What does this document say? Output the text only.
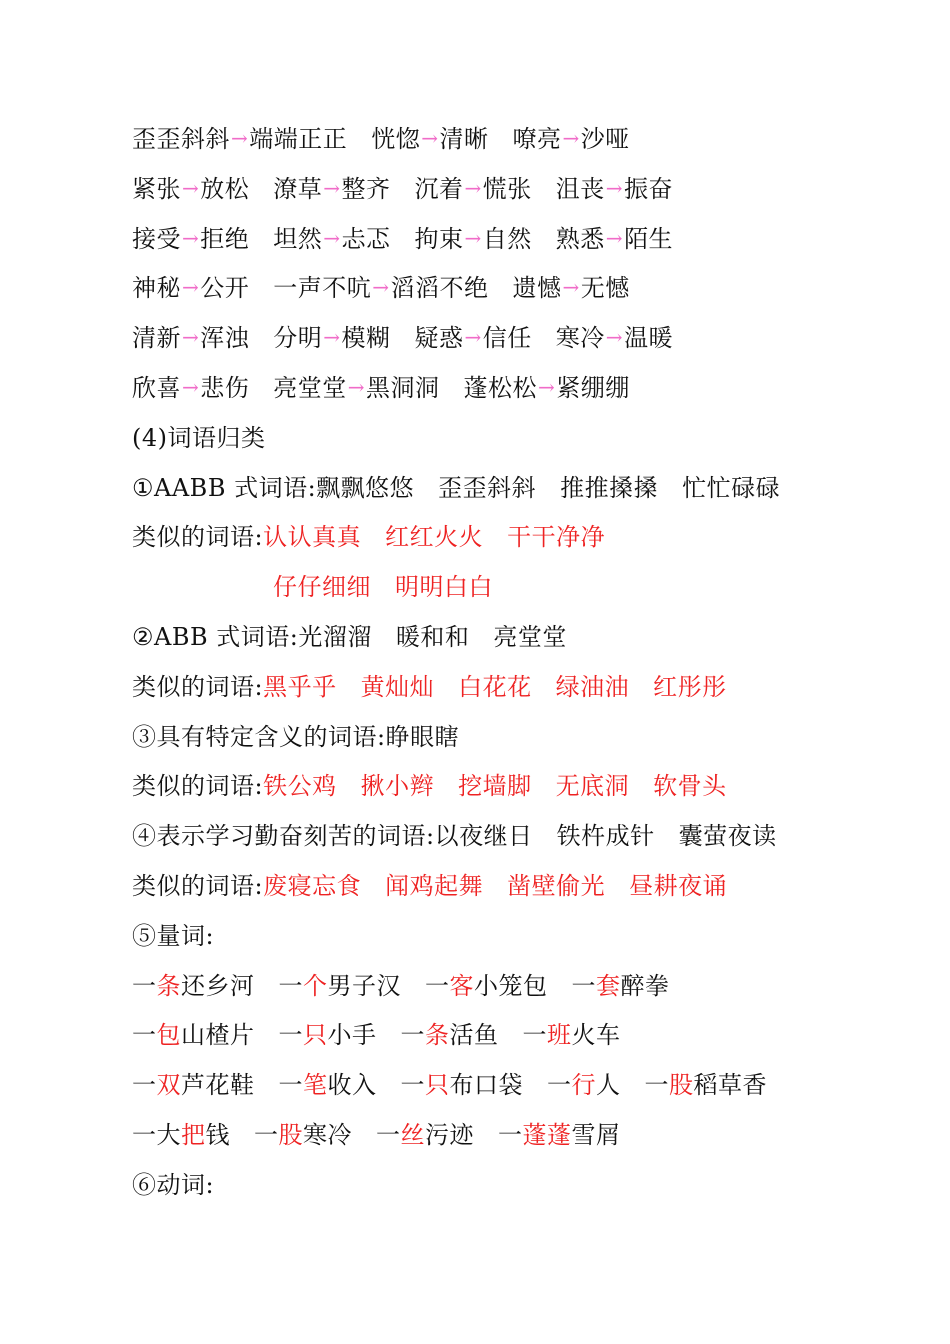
歪歪斜斜→端端正正 恍惚→清晰 嘹亮→沙哑
紧张→放松 潦草→整齐 沉着→慌张 沮丧→振奋
接受→拒绝 坦然→忐忑 拘束→自然 熟悉→陌生
神秘→公开 一声不吭→滔滔不绝 遗憾→无憾
清新→浑浊 分明→模糊 疑惑→信任 寒冷→温暖
欣喜→悲伤 亮堂堂→黑洞洞 蓬松松→紧绷绷
(4)词语归类
①AABB 式词语:飘飘悠悠 歪歪斜斜 推推搡搡 忙忙碌碌
类似的词语:认认真真 红红火火 干干净净
仔仔细细 明明白白
②ABB 式词语:光溜溜 暖和和 亮堂堂
类似的词语:黑乎乎 黄灿灿 白花花 绿油油 红彤彤
③具有特定含义的词语:睁眼瞎
类似的词语:铁公鸡 揪小辫 挖墙脚 无底洞 软骨头
④表示学习勤奋刻苦的词语:以夜继日 铁杵成针 囊萤夜读
类似的词语:废寝忘食 闻鸡起舞 凿壁偷光 昼耕夜诵
⑤量词:
一条还乡河 一个男子汉 一客小笼包 一套醉拳
一包山楂片 一只小手 一条活鱼 一班火车
一双芦花鞋 一笔收入 一只布口袋 一行人 一股稻草香
一大把钱 一股寒冷 一丝污迹 一蓬蓬雪屑
⑥动词:
